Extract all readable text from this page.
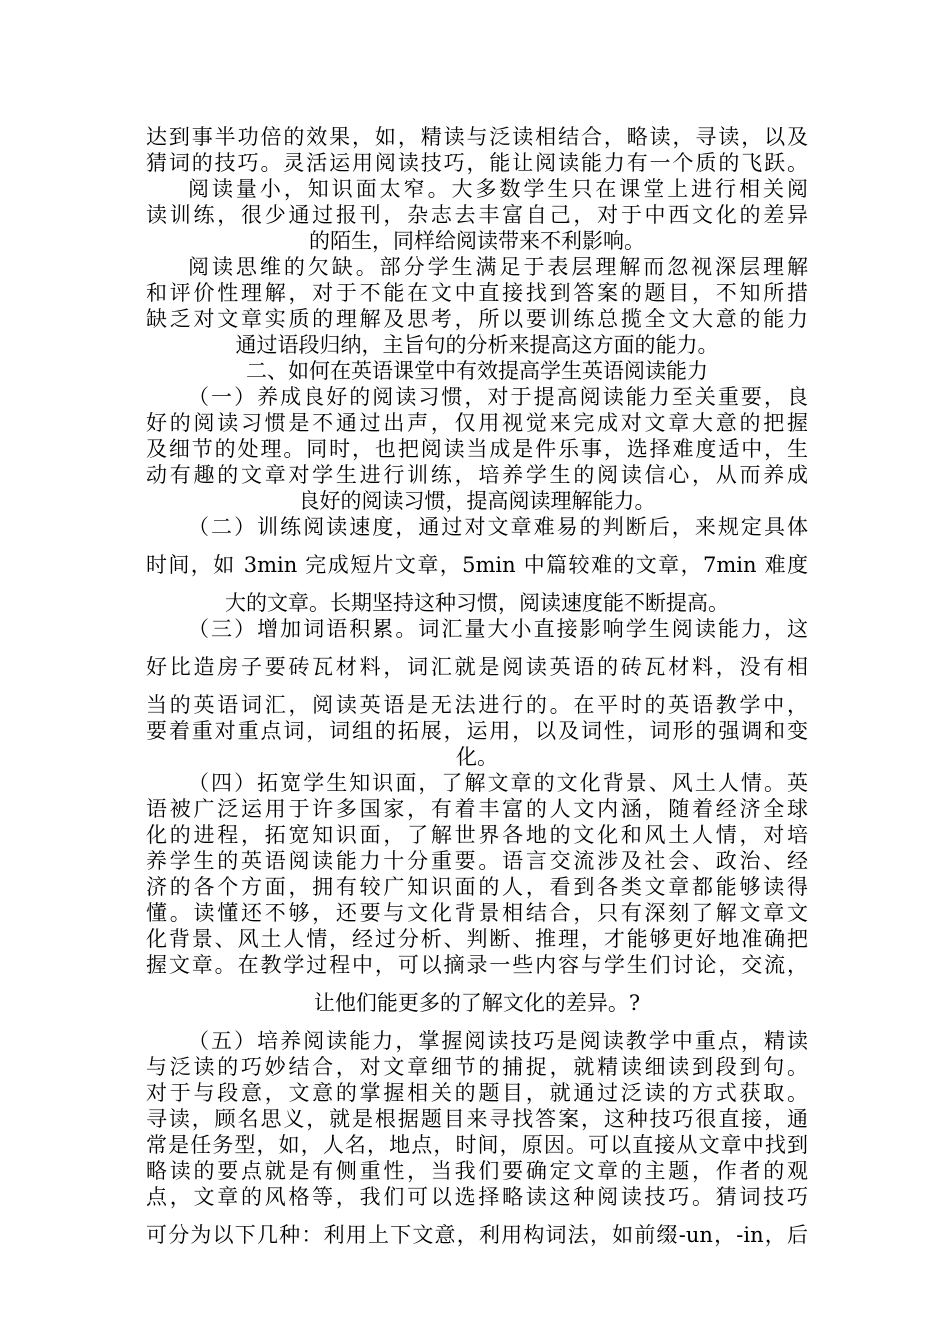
达到事半功倍的效果，如，精读与泛读相结合，略读，寻读，以及
猜词的技巧。灵活运用阅读技巧，能让阅读能力有一个质的飞跃。
阅读量小，知识面太窄。大多数学生只在课堂上进行相关阅
读训练，很少通过报刊，杂志去丰富自己，对于中西文化的差异
的陌生，同样给阅读带来不利影响。
阅读思维的欠缺。部分学生满足于表层理解而忽视深层理解
和评价性理解，对于不能在文中直接找到答案的题目，不知所措
缺乏对文章实质的理解及思考，所以要训练总揽全文大意的能力
通过语段归纳，主旨句的分析来提高这方面的能力。
二、如何在英语课堂中有效提高学生英语阅读能力
（一）养成良好的阅读习惯，对于提高阅读能力至关重要，良
好的阅读习惯是不通过出声，仅用视觉来完成对文章大意的把握
及细节的处理。同时，也把阅读当成是件乐事，选择难度适中，生
动有趣的文章对学生进行训练，培养学生的阅读信心，从而养成
良好的阅读习惯，提高阅读理解能力。
（二）训练阅读速度，通过对文章难易的判断后，来规定具体
时间，如 3min 完成短片文章，5min 中篇较难的文章，7min 难度
大的文章。长期坚持这种习惯，阅读速度能不断提高。
（三）增加词语积累。词汇量大小直接影响学生阅读能力，这
好比造房子要砖瓦材料，词汇就是阅读英语的砖瓦材料，没有相
当的英语词汇，阅读英语是无法进行的。在平时的英语教学中，
要着重对重点词，词组的拓展，运用，以及词性，词形的强调和变
化。
（四）拓宽学生知识面，了解文章的文化背景、风土人情。英
语被广泛运用于许多国家，有着丰富的人文内涵，随着经济全球
化的进程，拓宽知识面，了解世界各地的文化和风土人情，对培
养学生的英语阅读能力十分重要。语言交流涉及社会、政治、经
济的各个方面，拥有较广知识面的人，看到各类文章都能够读得
懂。读懂还不够，还要与文化背景相结合，只有深刻了解文章文
化背景、风土人情，经过分析、判断、推理，才能够更好地准确把
握文章。在教学过程中，可以摘录一些内容与学生们讨论，交流，
让他们能更多的了解文化的差异。?
（五）培养阅读能力，掌握阅读技巧是阅读教学中重点，精读
与泛读的巧妙结合，对文章细节的捕捉，就精读细读到段到句。
对于与段意，文意的掌握相关的题目，就通过泛读的方式获取。
寻读，顾名思义，就是根据题目来寻找答案，这种技巧很直接，通
常是任务型，如，人名，地点，时间，原因。可以直接从文章中找到
略读的要点就是有侧重性，当我们要确定文章的主题，作者的观
点，文章的风格等，我们可以选择略读这种阅读技巧。猜词技巧
可分为以下几种：利用上下文意，利用构词法，如前缀-un，-in，后
